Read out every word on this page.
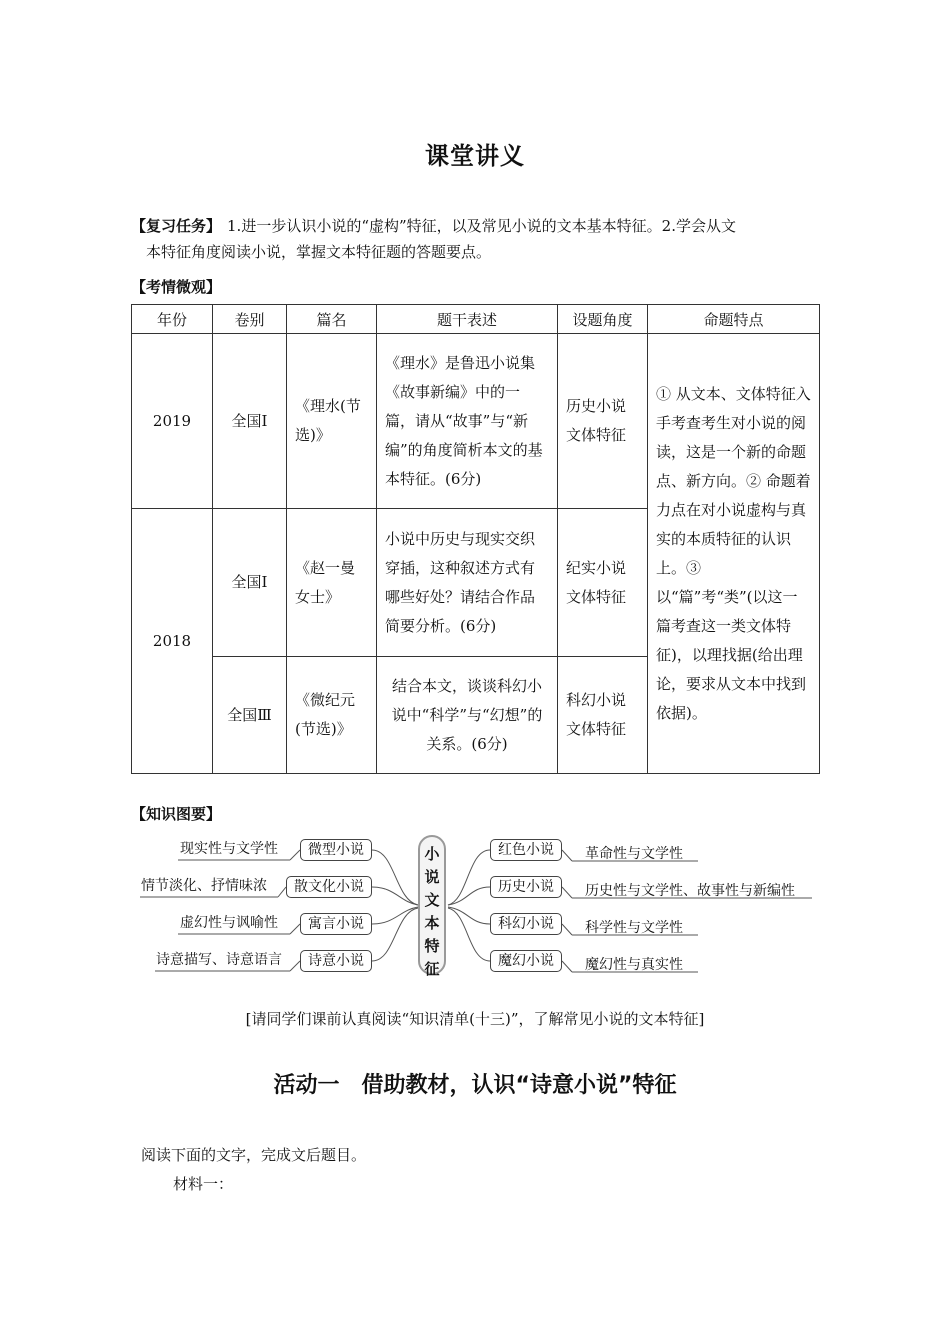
课堂讲义
【复习任务】 1.进一步认识小说的“虚构”特征，以及常见小说的文本基本特征。2.学会从文
本特征角度阅读小说，掌握文本特征题的答题要点。
【考情微观】
年份	卷别	篇名	题干表述	设题角度	命题特点
2019	全国Ⅰ	《理水(节选)》	《理水》是鲁迅小说集《故事新编》中的一篇，请从“故事”与“新编”的角度简析本文的基本特征。(6分)	历史小说文体特征	① 从文本、文体特征入手考查考生对小说的阅读，这是一个新的命题点、新方向。② 命题着力点在对小说虚构与真实的本质特征的认识上。③ 以“篇”考“类”(以这一篇考查这一类文体特征)，以理找据(给出理论，要求从文本中找到依据)。
2018	全国Ⅰ	《赵一曼女士》	小说中历史与现实交织穿插，这种叙述方式有哪些好处？请结合作品简要分析。(6分)	纪实小说文体特征	
	全国Ⅲ	《微纪元(节选)》	结合本文，谈谈科幻小说中“科学”与“幻想”的关系。(6分)	科幻小说文体特征	
【知识图要】
现实性与文学性	微型小说
情节淡化、抒情味浓	散文化小说
虚幻性与讽喻性	寓言小说
诗意描写、诗意语言	诗意小说
小说文本特征
红色小说	革命性与文学性
历史小说	历史性与文学性、故事性与新编性
科幻小说	科学性与文学性
魔幻小说	魔幻性与真实性
[请同学们课前认真阅读“知识清单(十三)”，了解常见小说的文本特征]
活动一　借助教材，认识“诗意小说”特征
阅读下面的文字，完成文后题目。
材料一：
